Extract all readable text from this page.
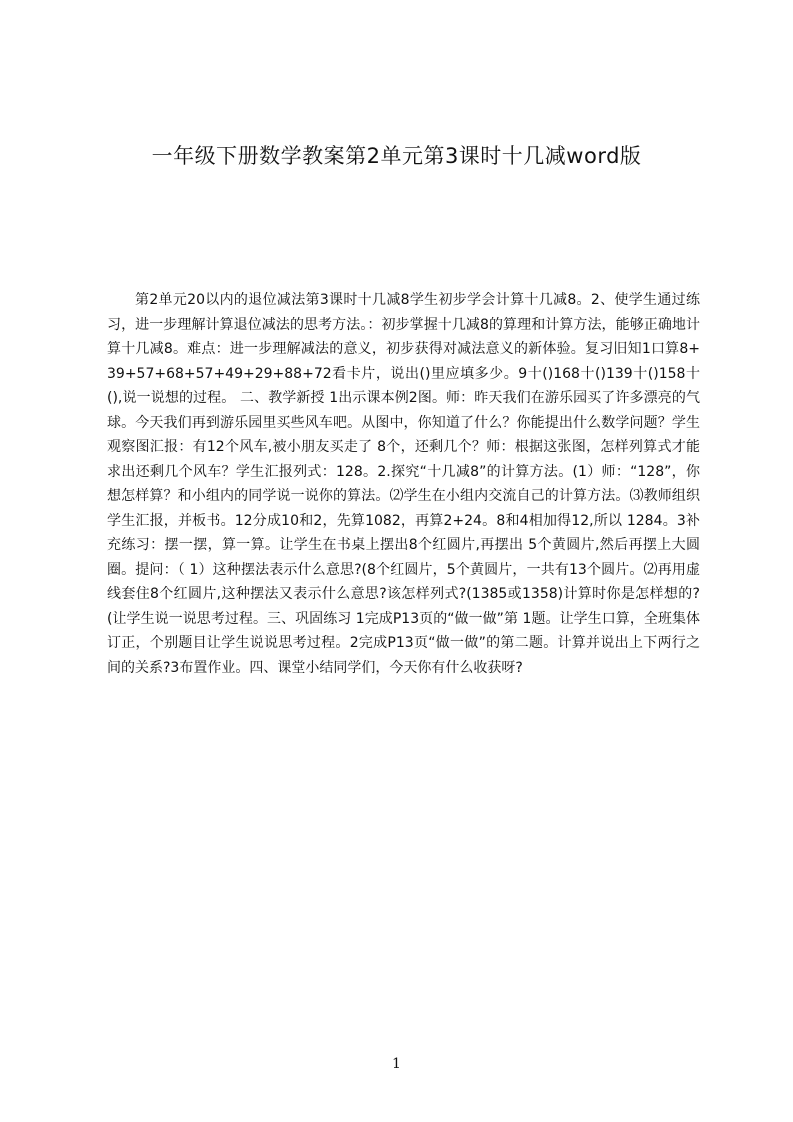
一年级下册数学教案第2单元第3课时十几减word版

第2单元20以内的退位减法第3课时十几减8学生初步学会计算十几减8。2、使学生通过练习，进一步理解计算退位减法的思考方法。：初步掌握十几减8的算理和计算方法，能够正确地计算十几减8。难点：进一步理解减法的意义，初步获得对减法意义的新体验。复习旧知1口算8+39+57+68+57+49+29+88+72看卡片，说出()里应填多少。9十()168十()139十()158十(),说一说想的过程。 二、教学新授 1出示课本例2图。师：昨天我们在游乐园买了许多漂亮的气球。今天我们再到游乐园里买些风车吧。从图中，你知道了什么？你能提出什么数学问题？学生观察图汇报：有12个风车,被小朋友买走了 8个，还剩几个？师：根据这张图，怎样列算式才能求出还剩几个风车？学生汇报列式：128。2.探究“十几减8”的计算方法。(1）师：“128”，你想怎样算？和小组内的同学说一说你的算法。⑵学生在小组内交流自己的计算方法。⑶教师组织学生汇报，并板书。12分成10和2，先算1082，再算2+24。8和4相加得12,所以 1284。3补充练习：摆一摆，算一算。让学生在书桌上摆出8个红圆片,再摆出 5个黄圆片,然后再摆上大圆圈。提问：（ 1）这种摆法表示什么意思?(8个红圆片，5个黄圆片，一共有13个圆片。⑵再用虚线套住8个红圆片,这种摆法又表示什么意思?该怎样列式?(1385或1358)计算时你是怎样想的?(让学生说一说思考过程。三、巩固练习 1完成P13页的“做一做”第 1题。让学生口算，全班集体订正，个别题目让学生说说思考过程。2完成P13页“做一做”的第二题。计算并说出上下两行之间的关系?3布置作业。四、课堂小结同学们，今天你有什么收获呀?

1
